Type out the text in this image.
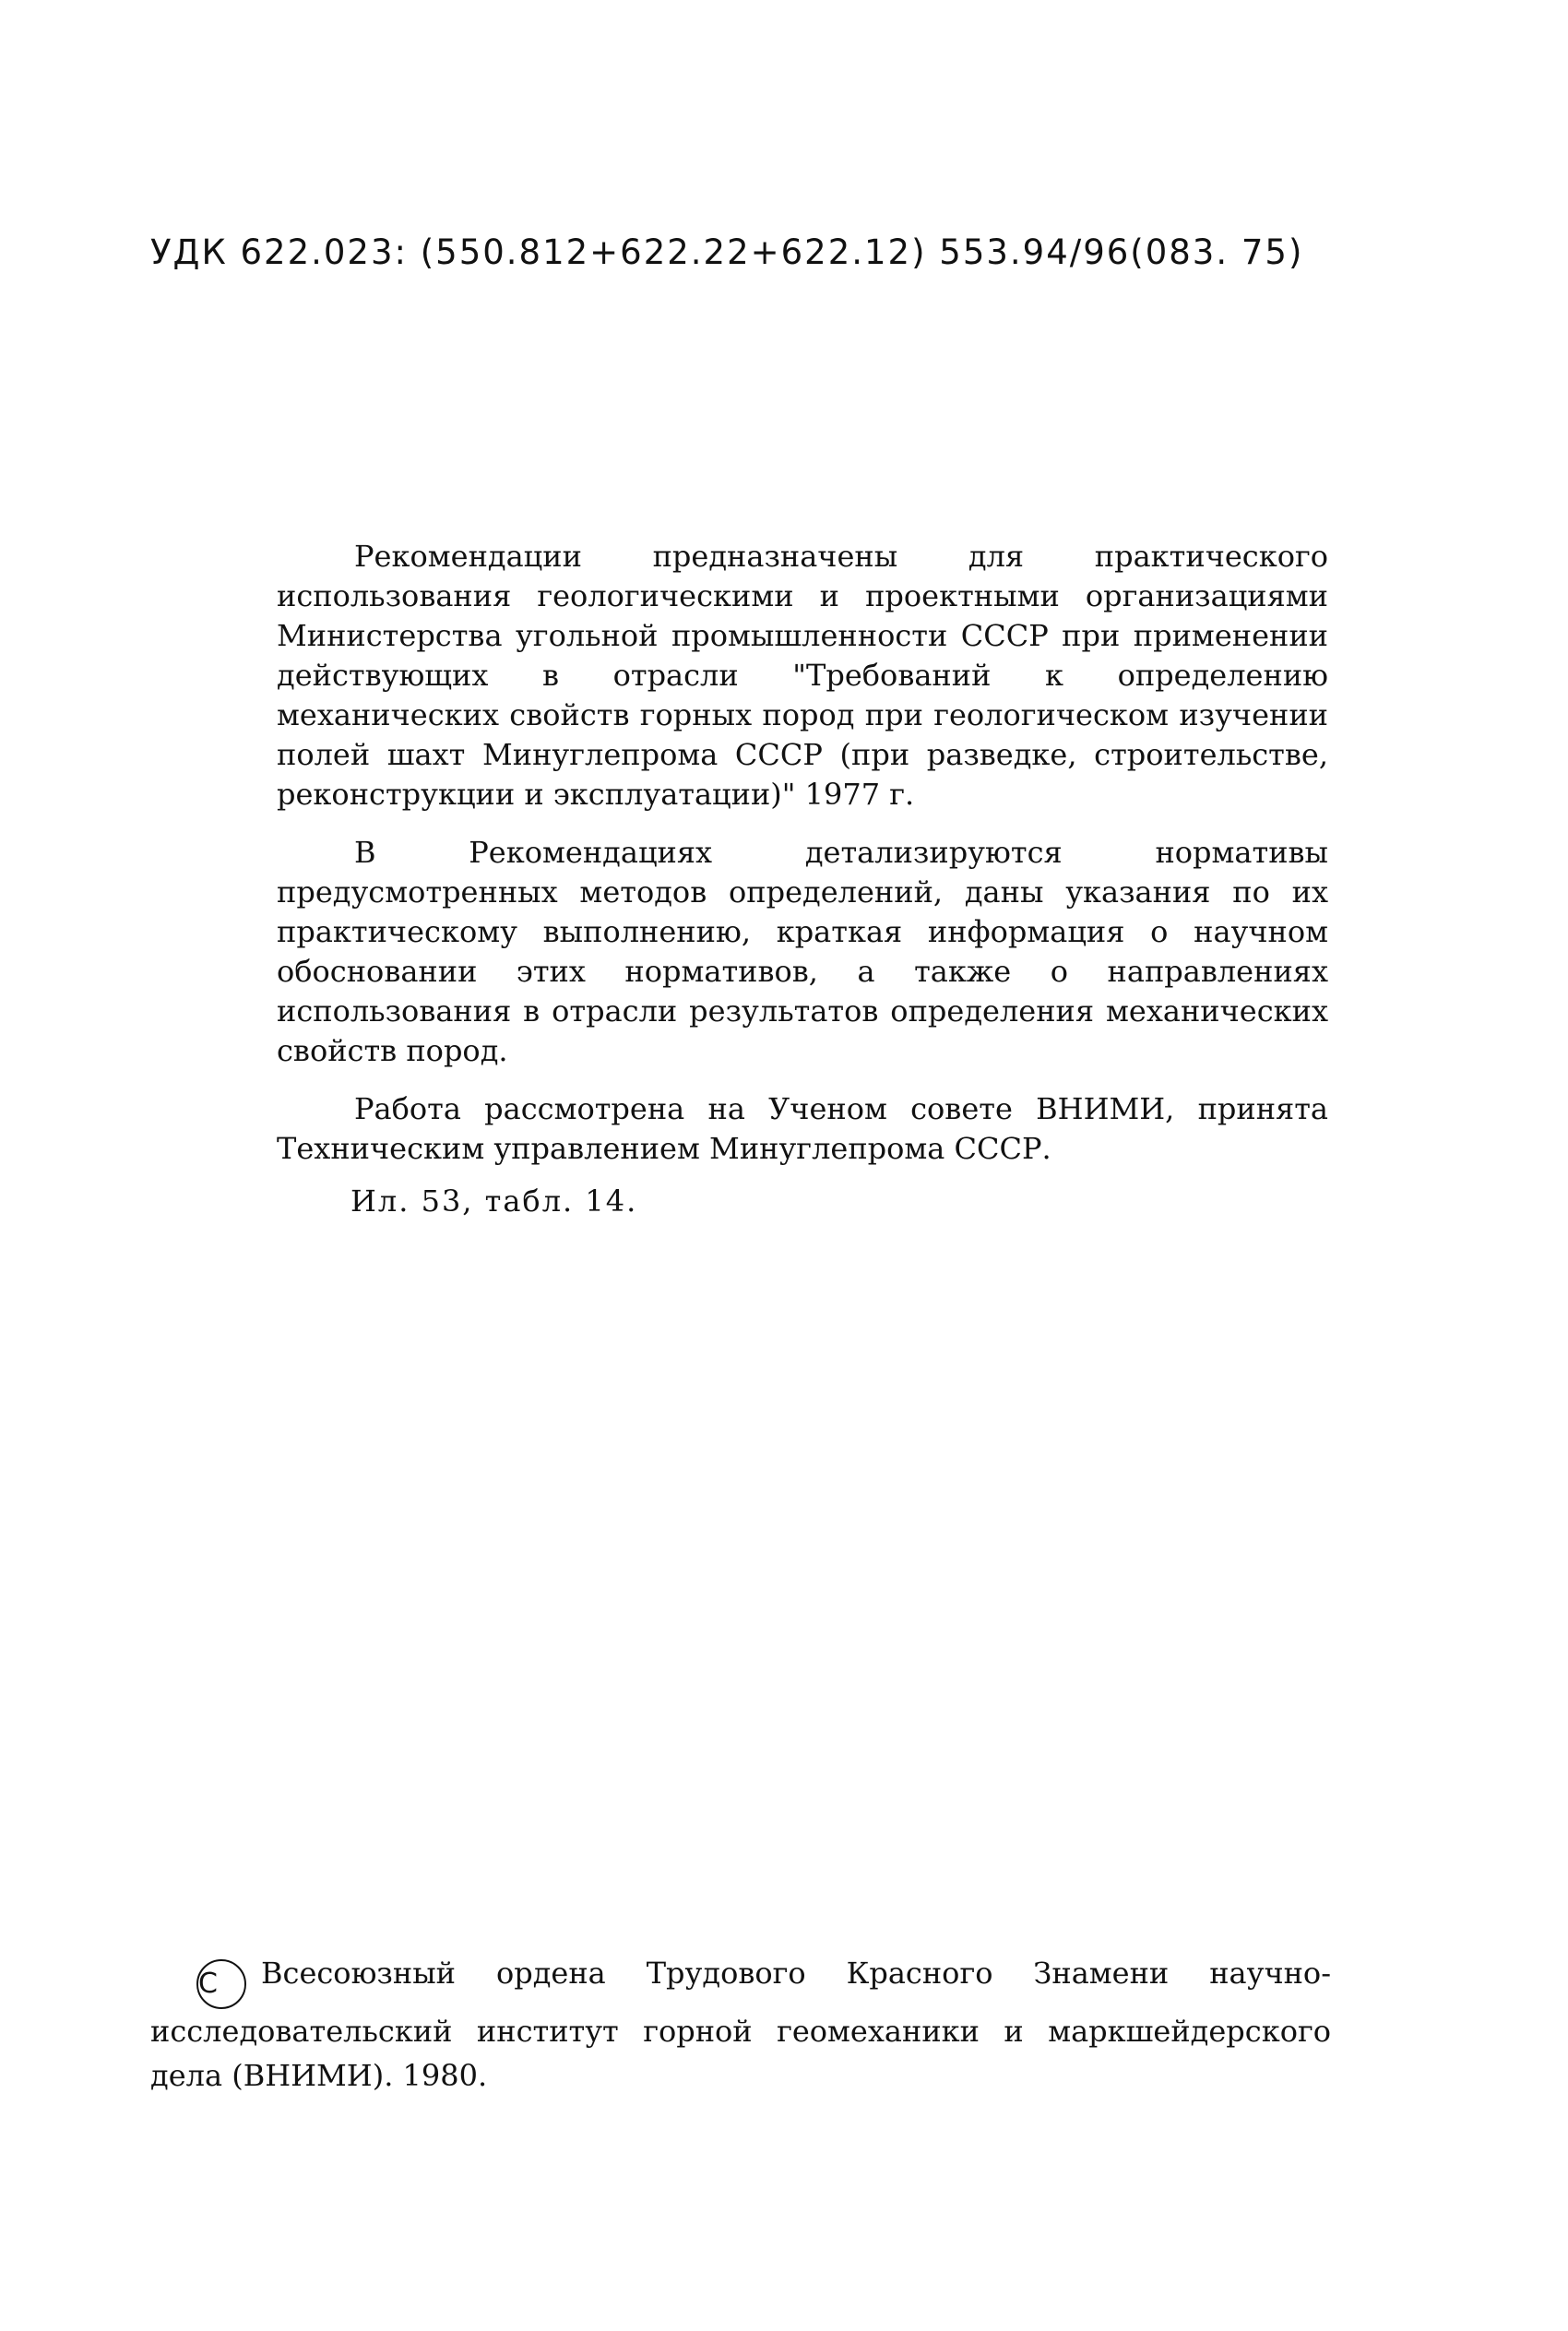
УДК 622.023: (550.812+622.22+622.12) 553.94/96(083. 75)

Рекомендации предназначены для практического использования геологическими и проектными организациями Министерства угольной промышленности СССР при применении действующих в отрасли "Требований к определению механических свойств горных пород при геологическом изучении полей шахт Минуглепрома СССР (при разведке, строительстве, реконструкции и эксплуатации)" 1977 г.

В Рекомендациях детализируются нормативы предусмотренных методов определений, даны указания по их практическому выполнению, краткая информация о научном обосновании этих нормативов, а также о направлениях использования в отрасли результатов определения механических свойств пород.

Работа рассмотрена на Ученом совете ВНИМИ, принята Техническим управлением Минуглепрома СССР.

Ил. 53, табл. 14.

C Всесоюзный ордена Трудового Красного Знамени научно-исследовательский институт горной геомеханики и маркшейдерского дела (ВНИМИ). 1980.
